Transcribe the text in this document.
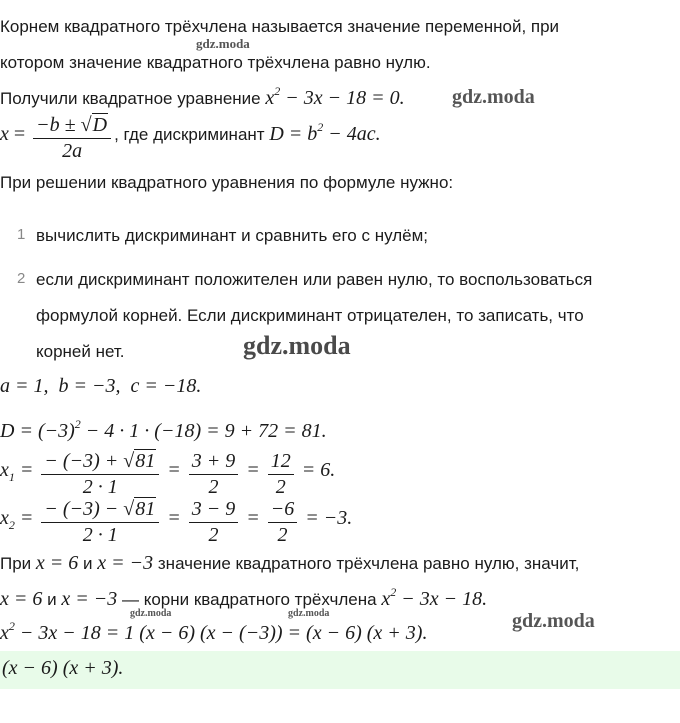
Корнем квадратного трёхчлена называется значение переменной, при
котором значение квадратного трёхчлена равно нулю.
Получили квадратное уравнение $x^2 - 3x - 18 = 0$.
$x = \frac{-b \pm √D}{2a}$ , где дискриминант $D = b^2 - 4ac$.
При решении квадратного уравнения по формуле нужно:
1 вычислить дискриминант и сравнить его с нулём;
2 если дискриминант положителен или равен нулю, то воспользоваться
формулой корней. Если дискриминант отрицателен, то записать, что
корней нет.
a = 1,  b = −3,  c = −18.
$D = (-3)^2 - 4 \cdot 1 \cdot (-18) = 9 + 72 = 81$.
$x_1 = \frac{- (-3) + √81}{2 \cdot 1} = \frac{3 + 9}{2} = \frac{12}{2} = 6$.
$x_2 = \frac{- (-3) - √81}{2 \cdot 1} = \frac{3 - 9}{2} = \frac{-6}{2} = -3$.
При x = 6 и x = −3 значение квадратного трёхчлена равно нулю, значит,
x = 6 и x = −3 — корни квадратного трёхчлена $x^2 - 3x - 18$.
$x^2 - 3x - 18 = 1$ (x − 6) (x − (−3)) = (x − 6) (x + 3).
(x − 6) (x + 3).
gdz.moda
gdz.moda
gdz.moda
gdz.moda	gdz.moda	gdz.moda
